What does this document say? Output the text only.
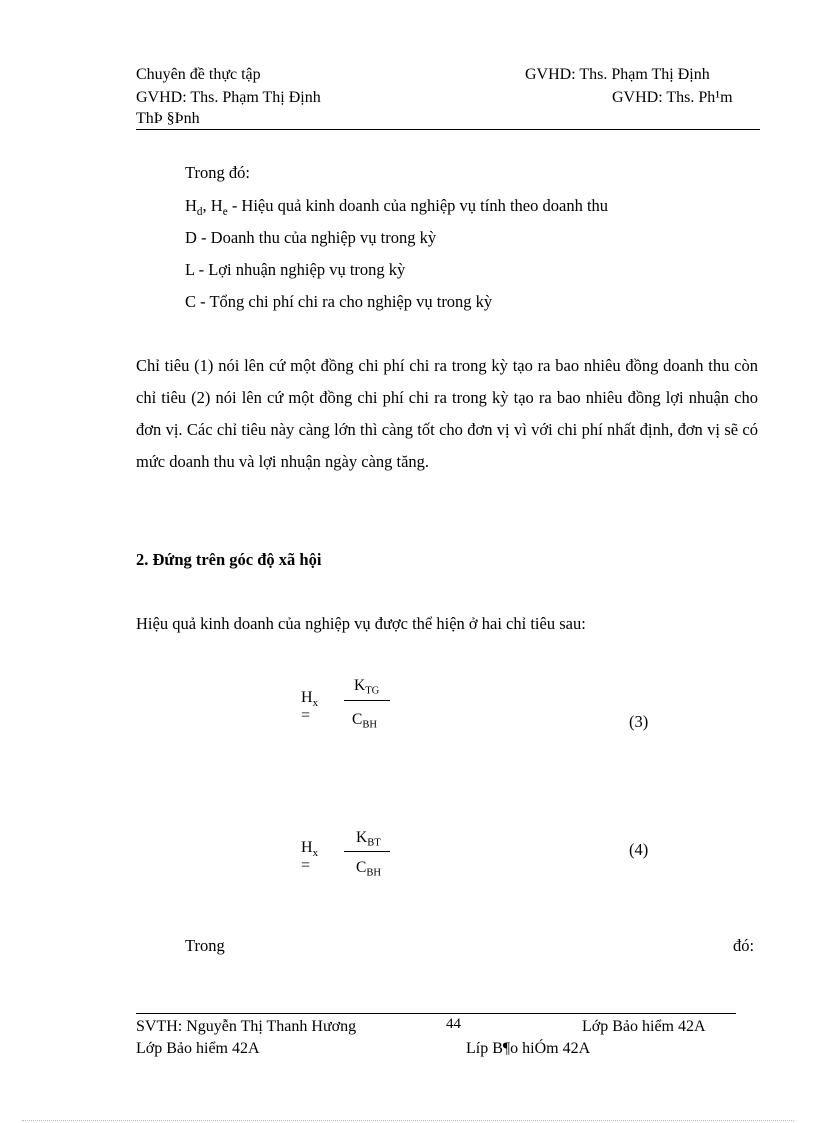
Chuyên đề thực tập	GVHD: Ths. Phạm Thị Định
GVHD: Ths. Phạm Thị Định	GVHD: Ths. Ph¹m
ThÞ §Þnh
Trong đó:
$H_d$, $H_e$ - Hiệu quả kinh doanh của nghiệp vụ tính theo doanh thu
D - Doanh thu của nghiệp vụ trong kỳ
L - Lợi nhuận nghiệp vụ trong kỳ
C - Tổng chi phí chi ra cho nghiệp vụ trong kỳ

Chỉ tiêu (1) nói lên cứ một đồng chi phí chi ra trong kỳ tạo ra bao nhiêu đồng doanh thu còn chỉ tiêu (2) nói lên cứ một đồng chi phí chi ra trong kỳ tạo ra bao nhiêu đồng lợi nhuận cho đơn vị. Các chỉ tiêu này càng lớn thì càng tốt cho đơn vị vì với chi phí nhất định, đơn vị sẽ có mức doanh thu và lợi nhuận ngày càng tăng.

2. Đứng trên góc độ xã hội
Hiệu quả kinh doanh của nghiệp vụ được thể hiện ở hai chỉ tiêu sau:
$H_x$ =
$K_{TG}$
$C_{BH}$	(3)
$H_x$ =
$K_{BT}$
$C_{BH}$
(4)
Trong	đó:
SVTH: Nguyễn Thị Thanh Hương	44	Lớp Bảo hiểm 42A
Lớp Bảo hiểm 42A	Líp B¶o hiÓm 42A
